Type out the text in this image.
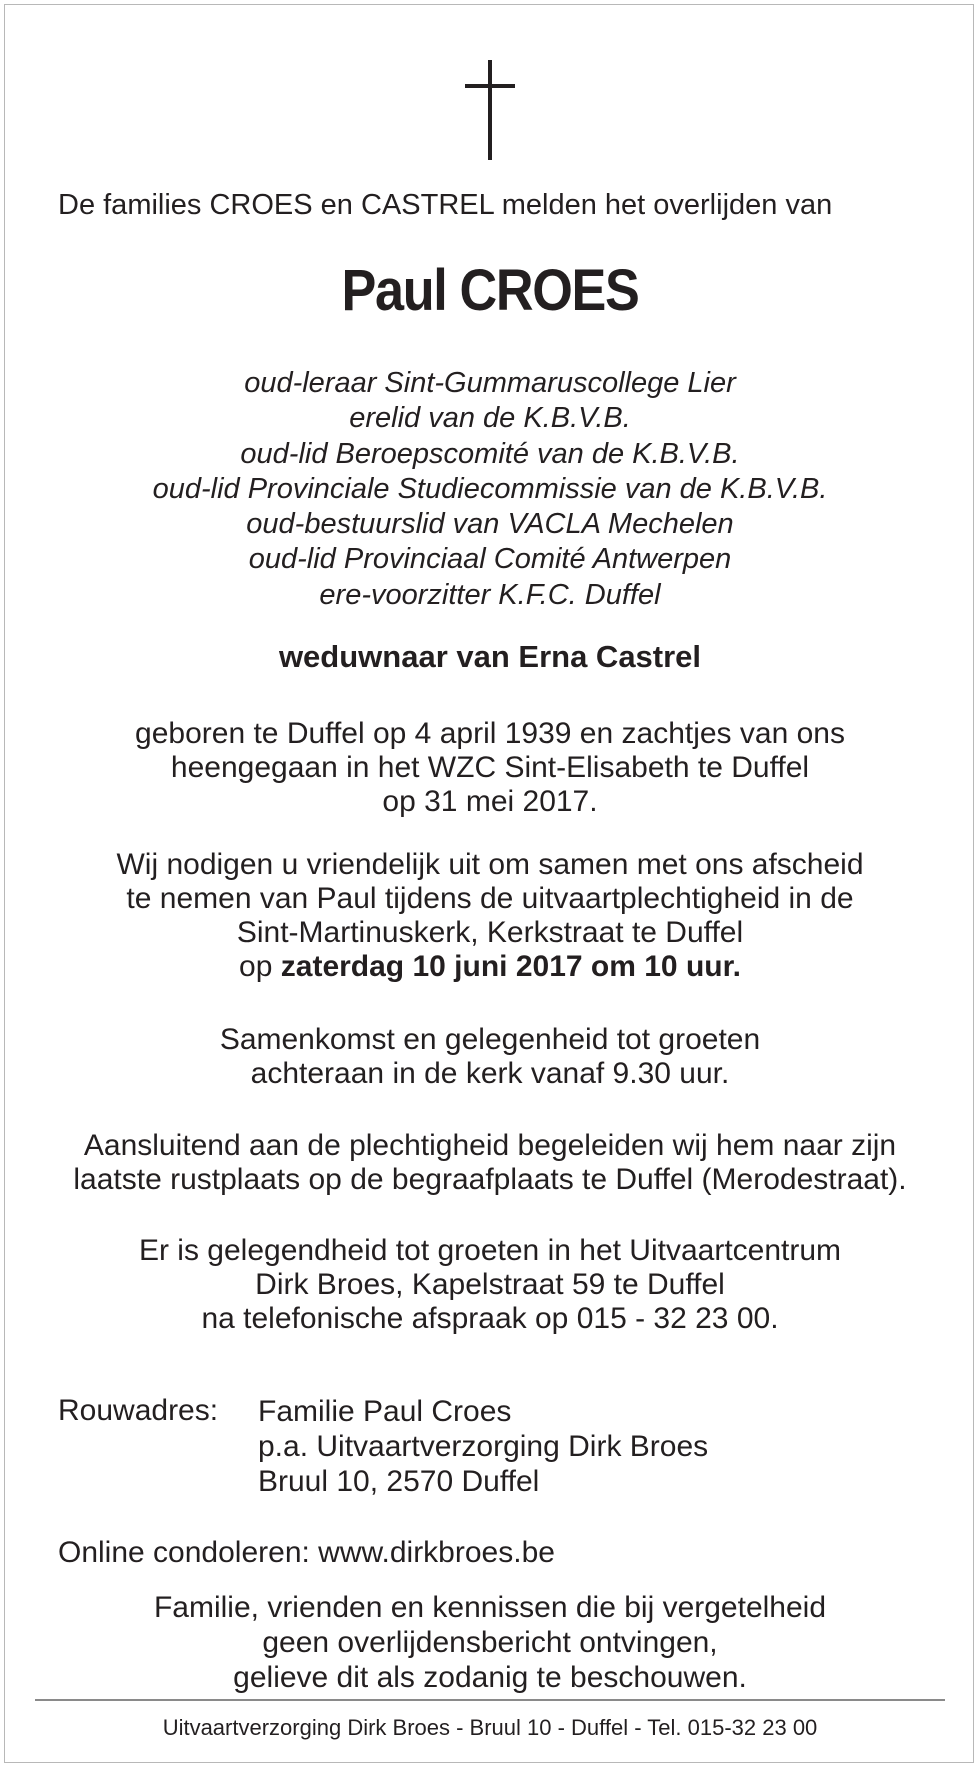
De families CROES en CASTREL melden het overlijden van
Paul CROES
oud-leraar Sint-Gummaruscollege Lier
erelid van de K.B.V.B.
oud-lid Beroepscomité van de K.B.V.B.
oud-lid Provinciale Studiecommissie van de K.B.V.B.
oud-bestuurslid van VACLA Mechelen
oud-lid Provinciaal Comité Antwerpen
ere-voorzitter K.F.C. Duffel
weduwnaar van Erna Castrel
geboren te Duffel op 4 april 1939 en zachtjes van ons
heengegaan in het WZC Sint-Elisabeth te Duffel
op 31 mei 2017.
Wij nodigen u vriendelijk uit om samen met ons afscheid
te nemen van Paul tijdens de uitvaartplechtigheid in de
Sint-Martinuskerk, Kerkstraat te Duffel
op zaterdag 10 juni 2017 om 10 uur.
Samenkomst en gelegenheid tot groeten
achteraan in de kerk vanaf 9.30 uur.
Aansluitend aan de plechtigheid begeleiden wij hem naar zijn
laatste rustplaats op de begraafplaats te Duffel (Merodestraat).
Er is gelegendheid tot groeten in het Uitvaartcentrum
Dirk Broes, Kapelstraat 59 te Duffel
na telefonische afspraak op 015 - 32 23 00.
Rouwadres: Familie Paul Croes
p.a. Uitvaartverzorging Dirk Broes
Bruul 10, 2570 Duffel
Online condoleren: www.dirkbroes.be
Familie, vrienden en kennissen die bij vergetelheid
geen overlijdensbericht ontvingen,
gelieve dit als zodanig te beschouwen.
Uitvaartverzorging Dirk Broes - Bruul 10 - Duffel - Tel. 015-32 23 00
